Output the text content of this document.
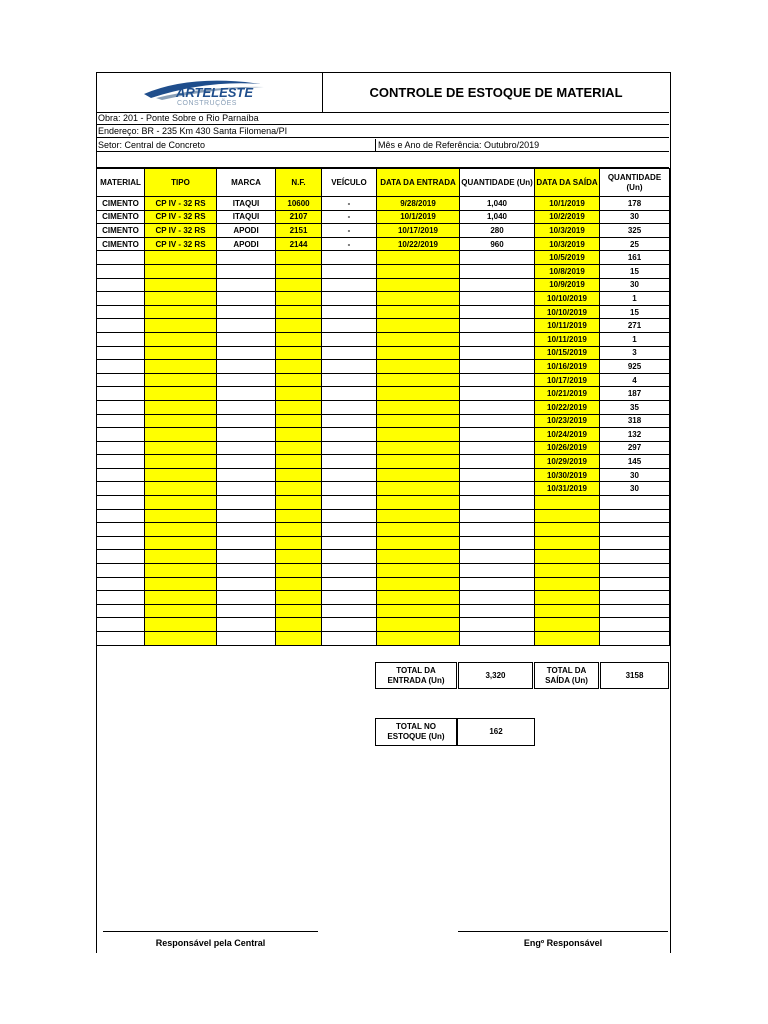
ARTELESTE
CONSTRUÇÕES
CONTROLE DE ESTOQUE DE MATERIAL
Obra: 201 - Ponte Sobre o Rio Parnaíba
Endereço: BR - 235 Km 430 Santa Filomena/PI
Setor: Central de Concreto	Mês e Ano de Referência: Outubro/2019
MATERIAL	TIPO	MARCA	N.F.	VEÍCULO	DATA DA ENTRADA	QUANTIDADE (Un)	DATA DA SAÍDA	QUANTIDADE (Un)
CIMENTO	CP IV - 32 RS	ITAQUI	10600	-	9/28/2019	1,040	10/1/2019	178
CIMENTO	CP IV - 32 RS	ITAQUI	2107	-	10/1/2019	1,040	10/2/2019	30
CIMENTO	CP IV - 32 RS	APODI	2151	-	10/17/2019	280	10/3/2019	325
CIMENTO	CP IV - 32 RS	APODI	2144	-	10/22/2019	960	10/3/2019	25
							10/5/2019	161
							10/8/2019	15
							10/9/2019	30
							10/10/2019	1
							10/10/2019	15
							10/11/2019	271
							10/11/2019	1
							10/15/2019	3
							10/16/2019	925
							10/17/2019	4
							10/21/2019	187
							10/22/2019	35
							10/23/2019	318
							10/24/2019	132
							10/26/2019	297
							10/29/2019	145
							10/30/2019	30
							10/31/2019	30

TOTAL DA ENTRADA (Un)
3,320
TOTAL DA SAÍDA (Un)
3158
TOTAL NO ESTOQUE (Un)
162
Responsável pela Central	Engº Responsável
